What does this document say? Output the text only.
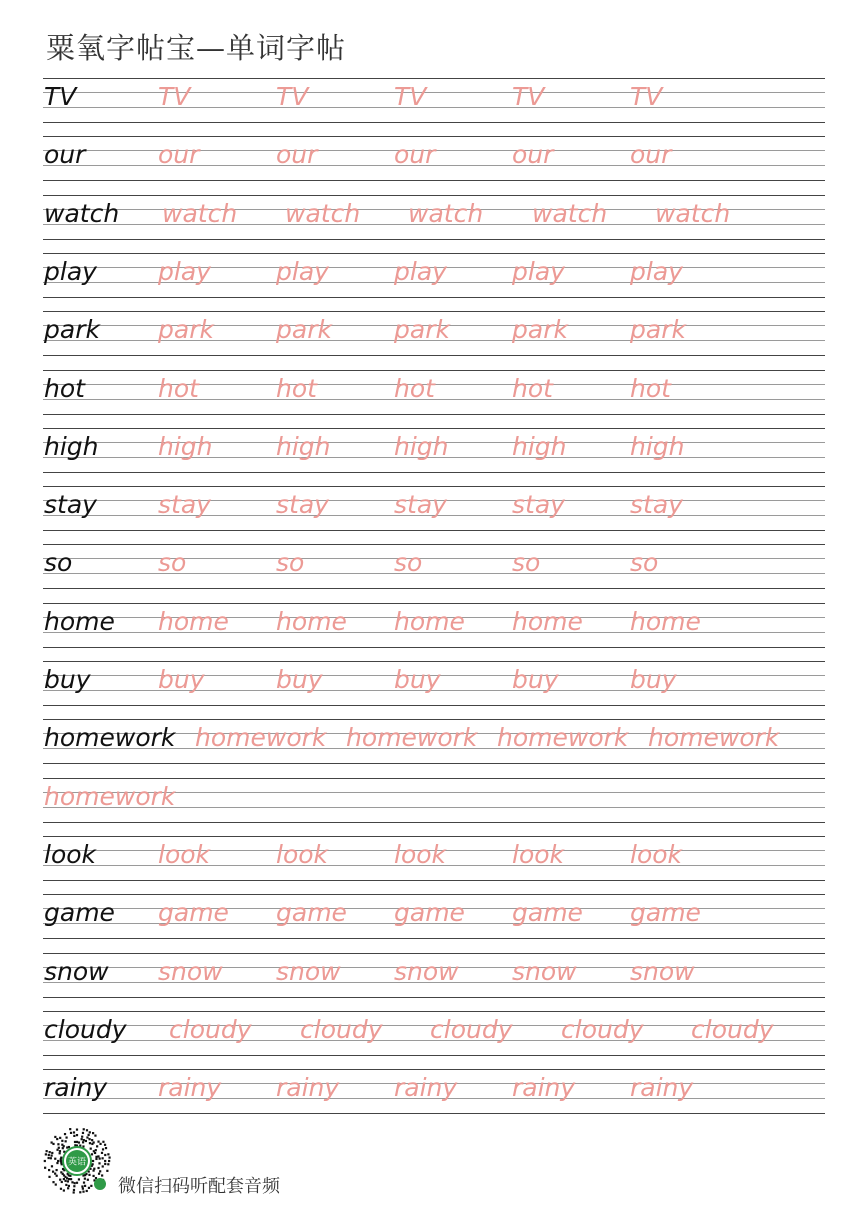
粟氧字帖宝—单词字帖
TV	TV	TV	TV	TV	TV
our	our	our	our	our	our
watch watch watch watch watch watch
play play	play	play	play	play
park park park park park park
hot	hot	hot	hot	hot	hot
high high	high	high	high	high
stay stay	stay	stay	stay	stay
so	so	so	so	so	so
home home home home home home
buy	buy	buy	buy	buy	buy
homework homework homework homework homework
homework
look look	look	look	look	look
game game game game game game
snow snow snow snow snow snow
cloudy cloudy cloudy cloudy cloudy cloudy
rainy rainy rainy rainy rainy rainy
英语
微信扫码听配套音频
